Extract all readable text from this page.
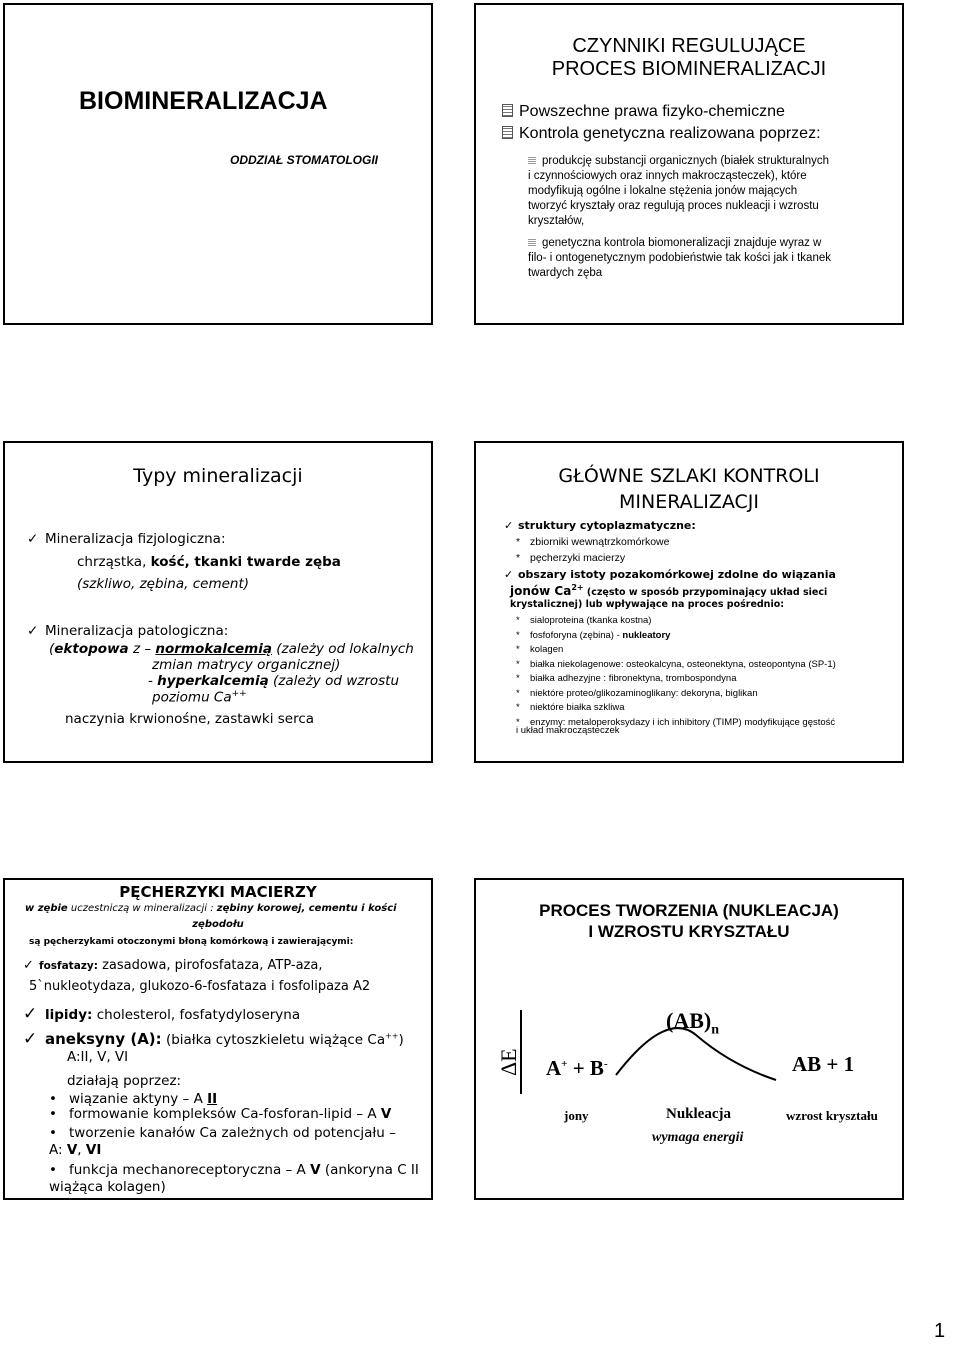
BIOMINERALIZACJA
ODDZIAŁ STOMATOLOGII
CZYNNIKI REGULUJĄCE
PROCES BIOMINERALIZACJI
Powszechne prawa fizyko-chemiczne
Kontrola genetyczna realizowana poprzez:
produkcję substancji organicznych (białek strukturalnych
i czynnościowych oraz innych makrocząsteczek), które
modyfikują ogólne i lokalne stężenia jonów mających
tworzyć kryształy oraz regulują proces nukleacji i wzrostu
kryształów,
genetyczna kontrola biomoneralizacji znajduje wyraz w
filo- i ontogenetycznym podobieństwie tak kości jak i tkanek
twardych zęba
Typy mineralizacji
✓ Mineralizacja fizjologiczna:
chrząstka, kość, tkanki twarde zęba
(szkliwo, zębina, cement)
✓ Mineralizacja patologiczna:
(ektopowa z – normokalcemią (zależy od lokalnych
zmian matrycy organicznej)
- hyperkalcemią (zależy od wzrostu
poziomu Ca++
naczynia krwionośne, zastawki serca
GŁÓWNE SZLAKI KONTROLI
MINERALIZACJI
✓ struktury cytoplazmatyczne:
* zbiorniki wewnątrzkomórkowe
* pęcherzyki macierzy
✓ obszary istoty pozakomórkowej zdolne do wiązania
jonów $Ca^{2+}$ (często w sposób przypominający układ sieci
krystalicznej) lub wpływające na proces pośrednio:
* sialoproteina (tkanka kostna)
* fosfoforyna (zębina) - nukleatory
* kolagen
* białka niekolagenowe: osteokalcyna, osteonektyna, osteopontyna (SP-1)
* białka adhezyjne : fibronektyna, trombospondyna
* niektóre proteo/glikozaminoglikany: dekoryna, biglikan
* niektóre białka szkliwa
* enzymy: metaloperoksydazy i ich inhibitory (TIMP) modyfikujące gęstość
i układ makrocząsteczek
PĘCHERZYKI MACIERZY
w zębie uczestniczą w mineralizacji : zębiny korowej, cementu i kości
zębodołu
są pęcherzykami otoczonymi błoną komórkową i zawierającymi:
✓ fosfatazy: zasadowa, pirofosfataza, ATP-aza,
5`nukleotydaza, glukozo-6-fosfataza i fosfolipaza A2
✓ lipidy: cholesterol, fosfatydyloseryna
✓ aneksyny (A): (białka cytoszkieletu wiążące Ca++)
A:II, V, VI
działają poprzez:
• wiązanie aktyny – A II
• formowanie kompleksów Ca-fosforan-lipid – A V
• tworzenie kanałów Ca zależnych od potencjału –
A: V, VI
• funkcja mechanoreceptoryczna – A V (ankoryna C II
wiążąca kolagen)
PROCES TWORZENIA (NUKLEACJA)
I WZROSTU KRYSZTAŁU
ΔE
$(AB)_n$
A+ + B-	AB + 1
jony	Nukleacja
wymaga energii
wzrost kryształu
1
